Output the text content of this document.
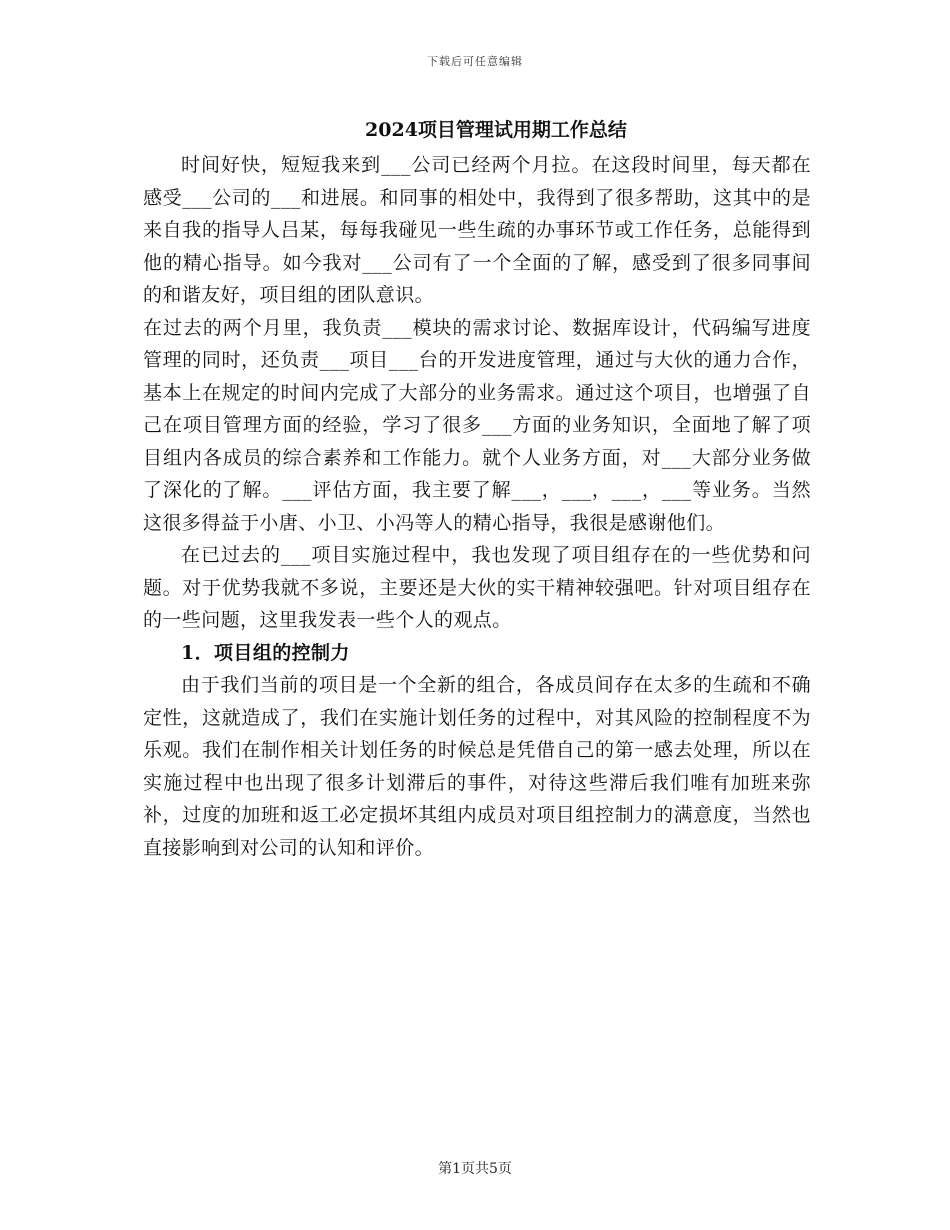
下载后可任意编辑
2024项目管理试用期工作总结

时间好快，短短我来到___公司已经两个月拉。在这段时间里，每天都在感受___公司的___和进展。和同事的相处中，我得到了很多帮助，这其中的是来自我的指导人吕某，每每我碰见一些生疏的办事环节或工作任务，总能得到他的精心指导。如今我对___公司有了一个全面的了解，感受到了很多同事间的和谐友好，项目组的团队意识。

在过去的两个月里，我负责___模块的需求讨论、数据库设计，代码编写进度管理的同时，还负责___项目___台的开发进度管理，通过与大伙的通力合作，基本上在规定的时间内完成了大部分的业务需求。通过这个项目，也增强了自己在项目管理方面的经验，学习了很多___方面的业务知识，全面地了解了项目组内各成员的综合素养和工作能力。就个人业务方面，对___大部分业务做了深化的了解。___评估方面，我主要了解___，___，___，___等业务。当然这很多得益于小唐、小卫、小冯等人的精心指导，我很是感谢他们。

在已过去的___项目实施过程中，我也发现了项目组存在的一些优势和问题。对于优势我就不多说，主要还是大伙的实干精神较强吧。针对项目组存在的一些问题，这里我发表一些个人的观点。

1．项目组的控制力

由于我们当前的项目是一个全新的组合，各成员间存在太多的生疏和不确定性，这就造成了，我们在实施计划任务的过程中，对其风险的控制程度不为乐观。我们在制作相关计划任务的时候总是凭借自己的第一感去处理，所以在实施过程中也出现了很多计划滞后的事件，对待这些滞后我们唯有加班来弥补，过度的加班和返工必定损坏其组内成员对项目组控制力的满意度，当然也直接影响到对公司的认知和评价。

第1页共5页
